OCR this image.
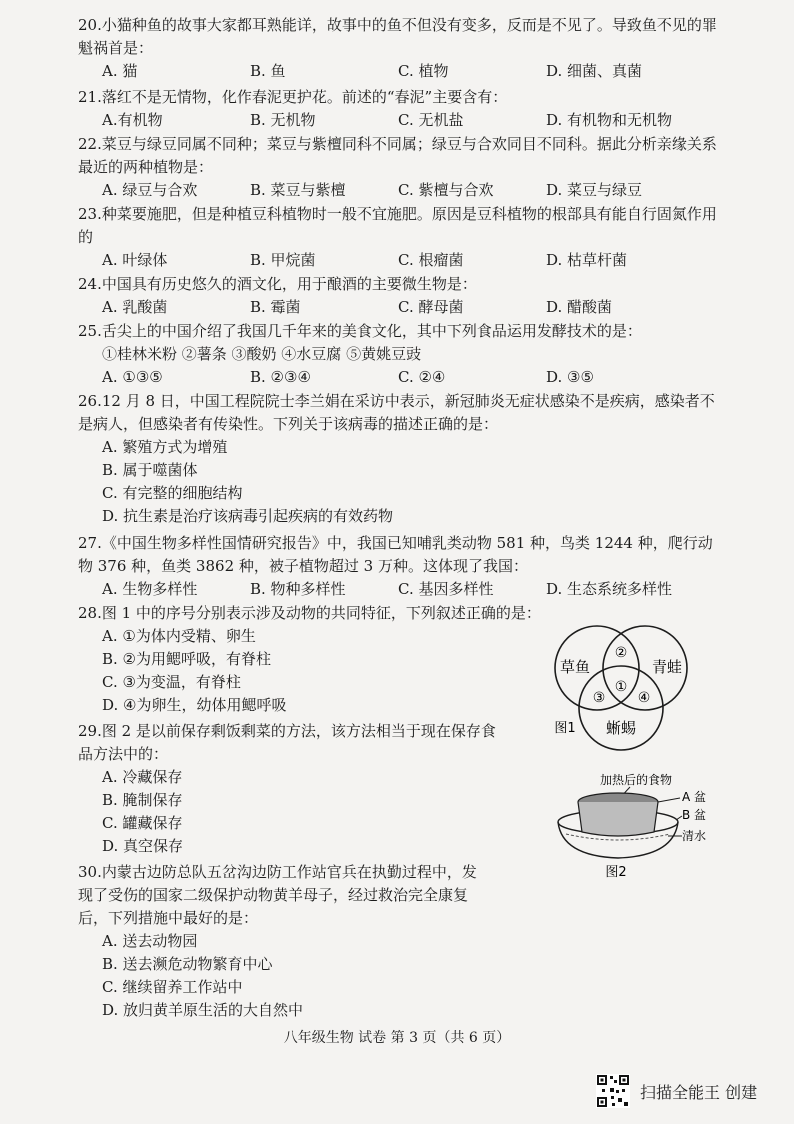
20.小猫种鱼的故事大家都耳熟能详，故事中的鱼不但没有变多，反而是不见了。导致鱼不见的罪魁祸首是：

A. 猫	B. 鱼	C. 植物	D. 细菌、真菌

21.落红不是无情物，化作春泥更护花。前述的“春泥”主要含有：

A.有机物	B. 无机物	C. 无机盐	D. 有机物和无机物

22.菜豆与绿豆同属不同种；菜豆与紫檀同科不同属；绿豆与合欢同目不同科。据此分析亲缘关系最近的两种植物是：

A. 绿豆与合欢	B. 菜豆与紫檀	C. 紫檀与合欢	D. 菜豆与绿豆

23.种菜要施肥，但是种植豆科植物时一般不宜施肥。原因是豆科植物的根部具有能自行固氮作用的

A. 叶绿体	B. 甲烷菌	C. 根瘤菌	D. 枯草杆菌

24.中国具有历史悠久的酒文化，用于酿酒的主要微生物是：

A. 乳酸菌	B. 霉菌	C. 酵母菌	D. 醋酸菌

25.舌尖上的中国介绍了我国几千年来的美食文化，其中下列食品运用发酵技术的是：

①桂林米粉 ②薯条 ③酸奶 ④水豆腐 ⑤黄姚豆豉
A. ①③⑤	B. ②③④	C. ②④	D. ③⑤

26.12 月 8 日，中国工程院院士李兰娟在采访中表示，新冠肺炎无症状感染不是疾病，感染者不是病人，但感染者有传染性。下列关于该病毒的描述正确的是：

A. 繁殖方式为增殖
B. 属于噬菌体
C. 有完整的细胞结构
D. 抗生素是治疗该病毒引起疾病的有效药物

27.《中国生物多样性国情研究报告》中，我国已知哺乳类动物 581 种，鸟类 1244 种，爬行动物 376 种，鱼类 3862 种，被子植物超过 3 万种。这体现了我国：

A. 生物多样性	B. 物种多样性	C. 基因多样性	D. 生态系统多样性

28.图 1 中的序号分别表示涉及动物的共同特征，下列叙述正确的是：

A. ①为体内受精、卵生
B. ②为用鳃呼吸，有脊柱
C. ③为变温，有脊柱
D. ④为卵生，幼体用鳃呼吸

29.图 2 是以前保存剩饭剩菜的方法，该方法相当于现在保存食品方法中的：

A. 冷藏保存
B. 腌制保存
C. 罐藏保存
D. 真空保存

30.内蒙古边防总队五岔沟边防工作站官兵在执勤过程中，发现了受伤的国家二级保护动物黄羊母子，经过救治完全康复后，下列措施中最好的是：

A. 送去动物园
B. 送去濒危动物繁育中心
C. 继续留养工作站中
D. 放归黄羊原生活的大自然中
草鱼	青蛙
蜥蜴
①
②
③ ④
图1
加热后的食物
A 盆
B 盆
清水
图2
八年级生物 试卷 第 3 页（共 6 页）
扫描全能王 创建
